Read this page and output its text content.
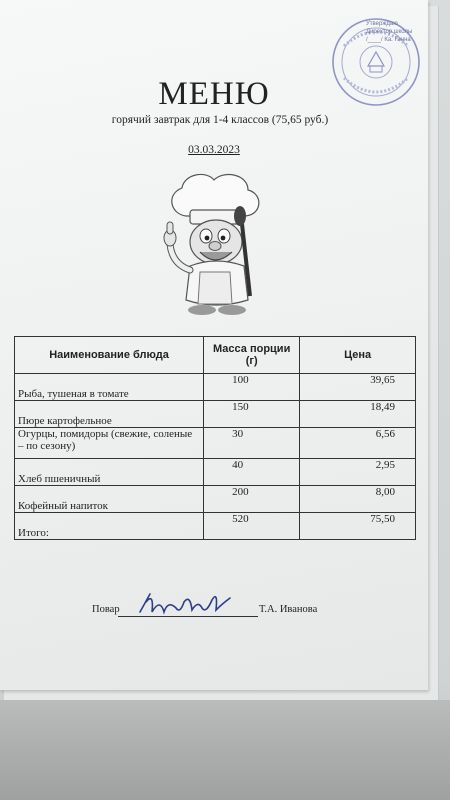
Утверждаю
Директор школы
/____/ Ка. Гинна
МЕНЮ
горячий завтрак для 1-4 классов (75,65 руб.)
03.03.2023
Наименование блюда	Масса порции (г)	Цена
Рыба, тушеная в томате	100	39,65
Пюре картофельное	150	18,49
Огурцы, помидоры (свежие, соленые – по сезону)	30	6,56
Хлеб пшеничный	40	2,95
Кофейный напиток	200	8,00
Итого:	520	75,50
Повар	Т.А. Иванова
